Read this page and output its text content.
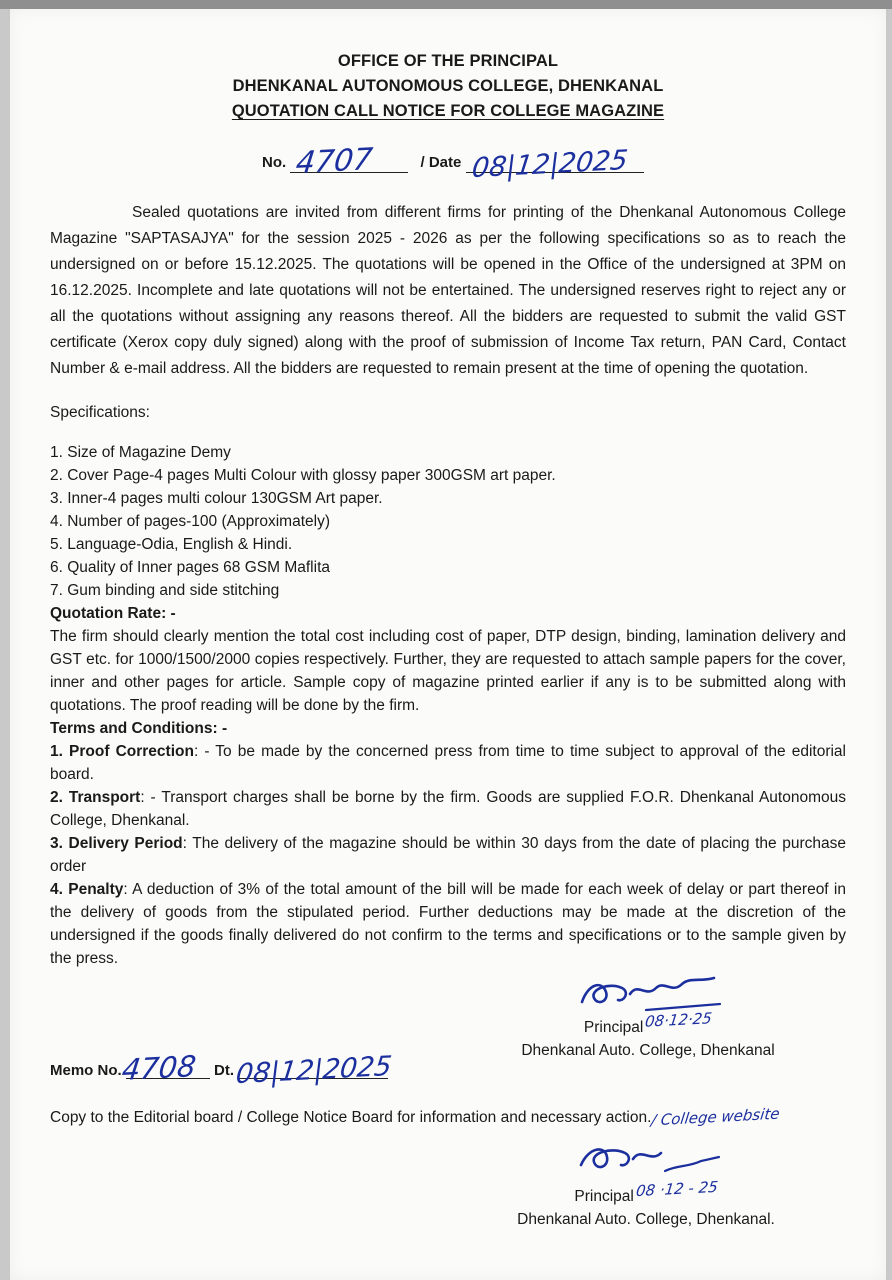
OFFICE OF THE PRINCIPAL
DHENKANAL AUTONOMOUS COLLEGE, DHENKANAL
QUOTATION CALL NOTICE FOR COLLEGE MAGAZINE
No. 4707	/ Date 08|12|2025

Sealed quotations are invited from different firms for printing of the Dhenkanal Autonomous College Magazine "SAPTASAJYA" for the session 2025 - 2026 as per the following specifications so as to reach the undersigned on or before 15.12.2025. The quotations will be opened in the Office of the undersigned at 3PM on 16.12.2025. Incomplete and late quotations will not be entertained. The undersigned reserves right to reject any or all the quotations without assigning any reasons thereof. All the bidders are requested to submit the valid GST certificate (Xerox copy duly signed) along with the proof of submission of Income Tax return, PAN Card, Contact Number & e-mail address. All the bidders are requested to remain present at the time of opening the quotation.

Specifications:
1. Size of Magazine Demy
2. Cover Page-4 pages Multi Colour with glossy paper 300GSM art paper.
3. Inner-4 pages multi colour 130GSM Art paper.
4. Number of pages-100 (Approximately)
5. Language-Odia, English & Hindi.
6. Quality of Inner pages 68 GSM Maflita
7. Gum binding and side stitching
Quotation Rate: -

The firm should clearly mention the total cost including cost of paper, DTP design, binding, lamination delivery and GST etc. for 1000/1500/2000 copies respectively. Further, they are requested to attach sample papers for the cover, inner and other pages for article. Sample copy of magazine printed earlier if any is to be submitted along with quotations. The proof reading will be done by the firm.

Terms and Conditions: -

1. Proof Correction: - To be made by the concerned press from time to time subject to approval of the editorial board.

2. Transport: - Transport charges shall be borne by the firm. Goods are supplied F.O.R. Dhenkanal Autonomous College, Dhenkanal.

3. Delivery Period: The delivery of the magazine should be within 30 days from the date of placing the purchase order

4. Penalty: A deduction of 3% of the total amount of the bill will be made for each week of delay or part thereof in the delivery of goods from the stipulated period. Further deductions may be made at the discretion of the undersigned if the goods finally delivered do not confirm to the terms and specifications or to the sample given by the press.

Principal08·12·25
Dhenkanal Auto. College, Dhenkanal
Memo No.
4708 Dt. 08|12|2025
Copy to the Editorial board / College Notice Board for information and necessary action./ College website
Principal08 ·12 - 25
Dhenkanal Auto. College, Dhenkanal.
